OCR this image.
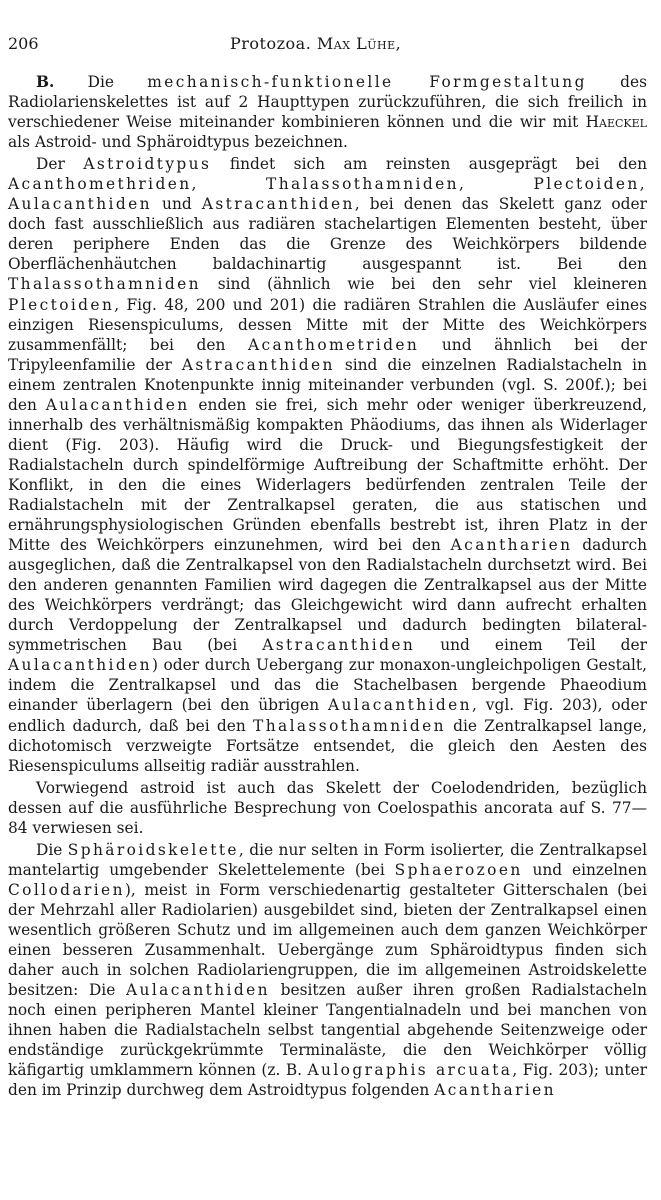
206	Protozoa. Max Lühe,

B. Die mechanisch-funktionelle Formgestaltung des Radiolarienskelettes ist auf 2 Haupttypen zurückzuführen, die sich freilich in verschiedener Weise miteinander kombinieren können und die wir mit Haeckel als Astroid- und Sphäroidtypus bezeichnen.

Der Astroidtypus findet sich am reinsten ausgeprägt bei den Acanthomethriden, Thalassothamniden, Plectoiden, Aulacanthiden und Astracanthiden, bei denen das Skelett ganz oder doch fast ausschließlich aus radiären stachelartigen Elementen besteht, über deren periphere Enden das die Grenze des Weichkörpers bildende Oberflächenhäutchen baldachinartig ausgespannt ist. Bei den Thalassothamniden sind (ähnlich wie bei den sehr viel kleineren Plectoiden, Fig. 48, 200 und 201) die radiären Strahlen die Ausläufer eines einzigen Riesenspiculums, dessen Mitte mit der Mitte des Weichkörpers zusammenfällt; bei den Acanthometriden und ähnlich bei der Tripyleenfamilie der Astracanthiden sind die einzelnen Radialstacheln in einem zentralen Knotenpunkte innig miteinander verbunden (vgl. S. 200f.); bei den Aulacanthiden enden sie frei, sich mehr oder weniger überkreuzend, innerhalb des verhältnismäßig kompakten Phäodiums, das ihnen als Widerlager dient (Fig. 203). Häufig wird die Druck- und Biegungsfestigkeit der Radialstacheln durch spindelförmige Auftreibung der Schaftmitte erhöht. Der Konflikt, in den die eines Widerlagers bedürfenden zentralen Teile der Radialstacheln mit der Zentralkapsel geraten, die aus statischen und ernährungsphysiologischen Gründen ebenfalls bestrebt ist, ihren Platz in der Mitte des Weichkörpers einzunehmen, wird bei den Acantharien dadurch ausgeglichen, daß die Zentralkapsel von den Radialstacheln durchsetzt wird. Bei den anderen genannten Familien wird dagegen die Zentralkapsel aus der Mitte des Weichkörpers verdrängt; das Gleichgewicht wird dann aufrecht erhalten durch Verdoppelung der Zentralkapsel und dadurch bedingten bilateral-symmetrischen Bau (bei Astracanthiden und einem Teil der Aulacanthiden) oder durch Uebergang zur monaxon-ungleichpoligen Gestalt, indem die Zentralkapsel und das die Stachelbasen bergende Phaeodium einander überlagern (bei den übrigen Aulacanthiden, vgl. Fig. 203), oder endlich dadurch, daß bei den Thalassothamniden die Zentralkapsel lange, dichotomisch verzweigte Fortsätze entsendet, die gleich den Aesten des Riesenspiculums allseitig radiär ausstrahlen.

Vorwiegend astroid ist auch das Skelett der Coelodendriden, bezüglich dessen auf die ausführliche Besprechung von Coelospathis ancorata auf S. 77—84 verwiesen sei.

Die Sphäroidskelette, die nur selten in Form isolierter, die Zentralkapsel mantelartig umgebender Skelettelemente (bei Sphaerozoen und einzelnen Collodarien), meist in Form verschiedenartig gestalteter Gitterschalen (bei der Mehrzahl aller Radiolarien) ausgebildet sind, bieten der Zentralkapsel einen wesentlich größeren Schutz und im allgemeinen auch dem ganzen Weichkörper einen besseren Zusammenhalt. Uebergänge zum Sphäroidtypus finden sich daher auch in solchen Radiolariengruppen, die im allgemeinen Astroidskelette besitzen: Die Aulacanthiden besitzen außer ihren großen Radialstacheln noch einen peripheren Mantel kleiner Tangentialnadeln und bei manchen von ihnen haben die Radialstacheln selbst tangential abgehende Seitenzweige oder endständige zurückgekrümmte Terminaläste, die den Weichkörper völlig käfigartig umklammern können (z. B. Aulographis arcuata, Fig. 203); unter den im Prinzip durchweg dem Astroidtypus folgenden Acantharien
